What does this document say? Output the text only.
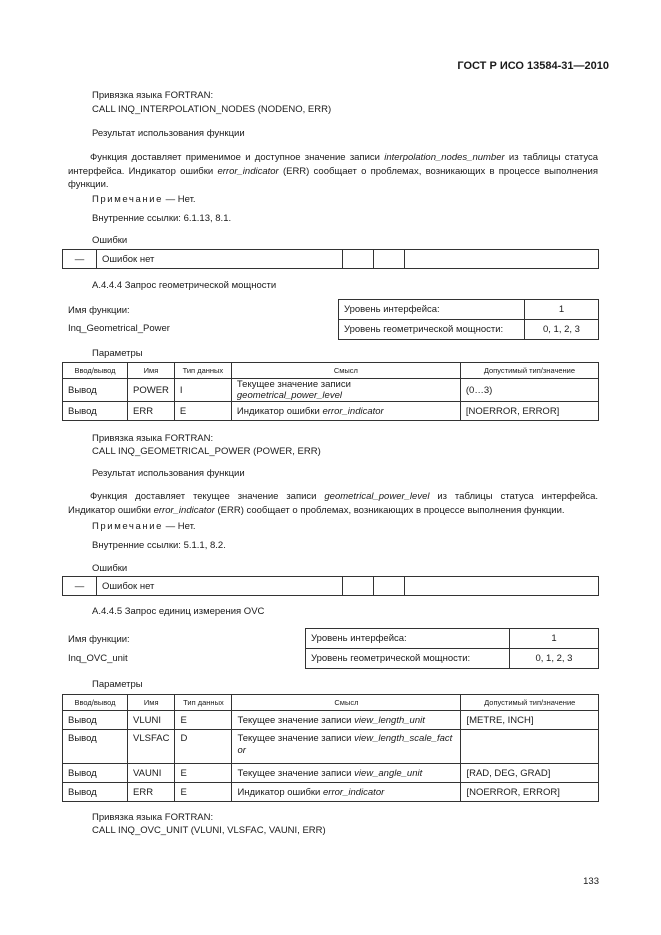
ГОСТ Р ИСО 13584-31—2010
Привязка языка FORTRAN:
CALL INQ_INTERPOLATION_NODES (NODENO, ERR)
Результат использования функции
Функция доставляет применимое и доступное значение записи interpolation_nodes_number из таблицы статуса интерфейса. Индикатор ошибки error_indicator (ERR) сообщает о проблемах, возникающих в процессе выполнения функции.
Примечание — Нет.
Внутренние ссылки: 6.1.13, 8.1.
Ошибки
—	Ошибок нет			
А.4.4.4 Запрос геометрической мощности
Имя функции:
Inq_Geometrical_Power
Уровень интерфейса:	1
Уровень геометрической мощности:	0, 1, 2, 3
Параметры
Ввод/вывод	Имя	Тип данных	Смысл	Допустимый тип/значение
Вывод	POWER	I	Текущее значение записи geometrical_power_level	(0…3)
Вывод	ERR	E	Индикатор ошибки error_indicator	[NOERROR, ERROR]
Привязка языка FORTRAN:
CALL INQ_GEOMETRICAL_POWER (POWER, ERR)
Результат использования функции
Функция доставляет текущее значение записи geometrical_power_level из таблицы статуса интерфейса. Индикатор ошибки error_indicator (ERR) сообщает о проблемах, возникающих в процессе выполнения функции.
Примечание — Нет.
Внутренние ссылки: 5.1.1, 8.2.
Ошибки
—	Ошибок нет			
А.4.4.5 Запрос единиц измерения OVC
Имя функции:
Inq_OVC_unit
Уровень интерфейса:	1
Уровень геометрической мощности:	0, 1, 2, 3
Параметры
Ввод/вывод	Имя	Тип данных	Смысл	Допустимый тип/значение
Вывод	VLUNI	E	Текущее значение записи view_length_unit	[METRE, INCH]
Вывод	VLSFAC	D	Текущее значение записи view_length_scale_factor	
Вывод	VAUNI	E	Текущее значение записи view_angle_unit	[RAD, DEG, GRAD]
Вывод	ERR	E	Индикатор ошибки error_indicator	[NOERROR, ERROR]
Привязка языка FORTRAN:
CALL INQ_OVC_UNIT (VLUNI, VLSFAC, VAUNI, ERR)
133
